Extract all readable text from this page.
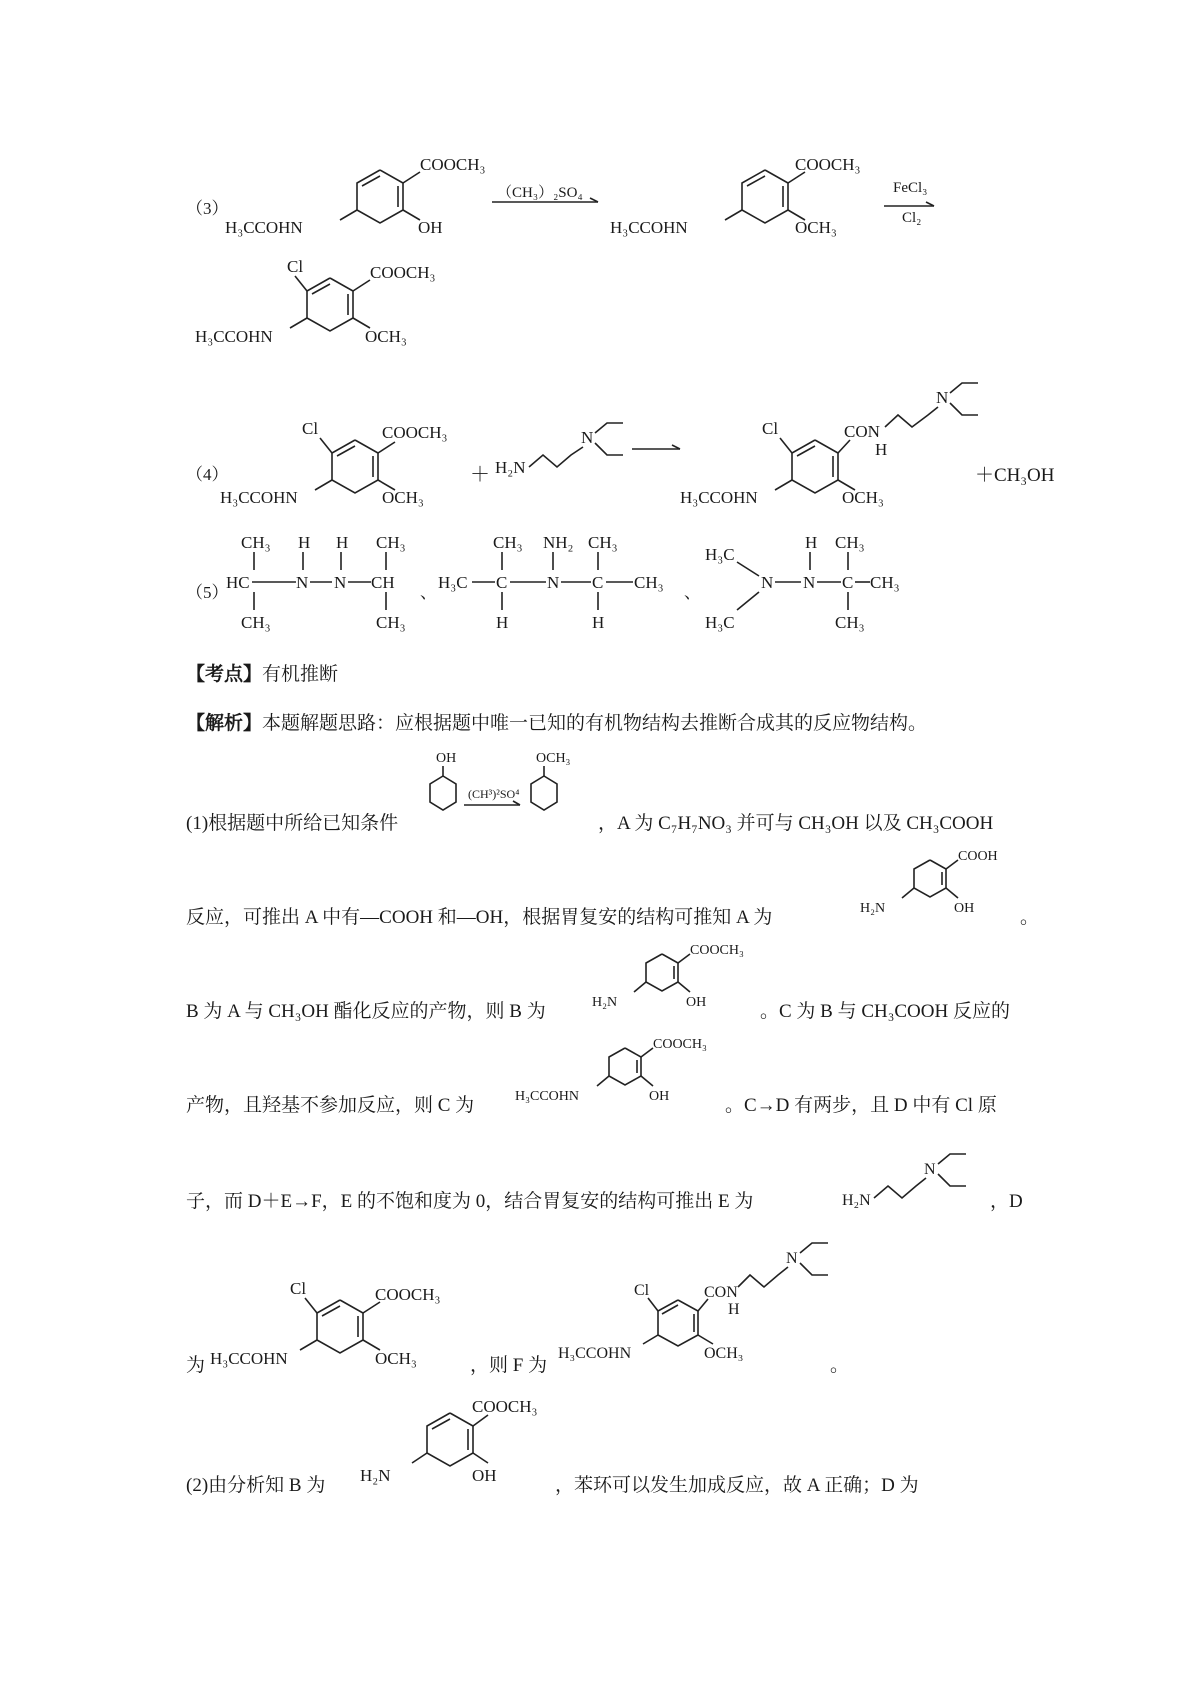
（3）
COOCH₃
OH
H₃CCOHN
（CH₃）₂SO₄
COOCH₃
OCH₃
H₃CCOHN
FeCl₃
Cl₂
Cl	COOCH₃
OCH₃
H₃CCOHN
（4）
Cl	COOCH₃
OCH₃
H₃CCOHN
＋ H₂N
N	Cl	CON
H
N
OCH₃
H₃CCOHN
＋CH₃OH
（5）
CH₃ H H CH₃
HC	N N CH
CH₃	CH₃
、
CH₃ NH₂ CH₃
H₃C C N C CH₃
H	H
、
H₃C
H CH₃
N N C CH₃
H₃C	CH₃
【考点】有机推断
【解析】本题解题思路：应根据题中唯一已知的有机物结构去推断合成其的反应物结构。
(1)根据题中所给已知条件
OH
(CH³)²SO⁴
OCH₃
，A 为 C₇H₇NO₃ 并可与 CH₃OH 以及 CH₃COOH
反应，可推出 A 中有—COOH 和—OH，根据胃复安的结构可推知 A 为
COOH
OH
H₂N	。
B 为 A 与 CH₃OH 酯化反应的产物，则 B 为
COOCH₃
OH
H₂N	。C 为 B 与 CH₃COOH 反应的
产物，且羟基不参加反应，则 C 为
COOCH₃
OH
H₃CCOHN	。C→D 有两步，且 D 中有 Cl 原
子，而 D＋E→F，E 的不饱和度为 0，结合胃复安的结构可推出 E 为	H₂N
N
，D
为
Cl	COOCH₃
OCH₃
H₃CCOHN	，则 F 为
Cl	CON
H
N
OCH₃
H₃CCOHN
。
(2)由分析知 B 为
COOCH₃
OH
H₂N	，苯环可以发生加成反应，故 A 正确；D 为
